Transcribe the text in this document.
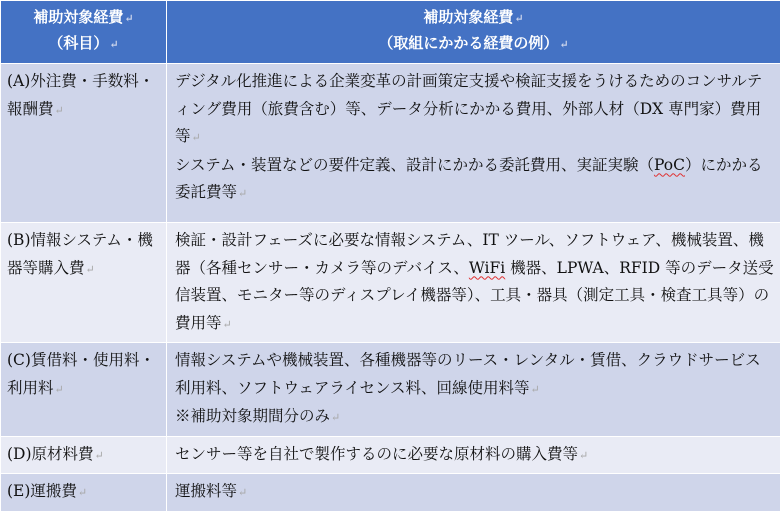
補助対象経費↵
（科目）↵	補助対象経費↵
（取組にかかる経費の例）↵

(A)外注費・手数料・報酬費↵	デジタル化推進による企業変革の計画策定支援や検証支援をうけるためのコンサルティング費用（旅費含む）等、データ分析にかかる費用、外部人材（DX 専門家）費用等↵
システム・装置などの要件定義、設計にかかる委託費用、実証実験（PoC）にかかる委託費等↵

(B)情報システム・機器等購入費↵	検証・設計フェーズに必要な情報システム、IT ツール、ソフトウェア、機械装置、機器（各種センサー・カメラ等のデバイス、WiFi 機器、LPWA、RFID 等のデータ送受信装置、モニター等のディスプレイ機器等）、工具・器具（測定工具・検査工具等）の費用等↵

(C)賃借料・使用料・利用料↵	情報システムや機械装置、各種機器等のリース・レンタル・賃借、クラウドサービス利用料、ソフトウェアライセンス料、回線使用料等↵
※補助対象期間分のみ↵

(D)原材料費↵	センサー等を自社で製作するのに必要な原材料の購入費等↵

(E)運搬費↵	運搬料等↵
